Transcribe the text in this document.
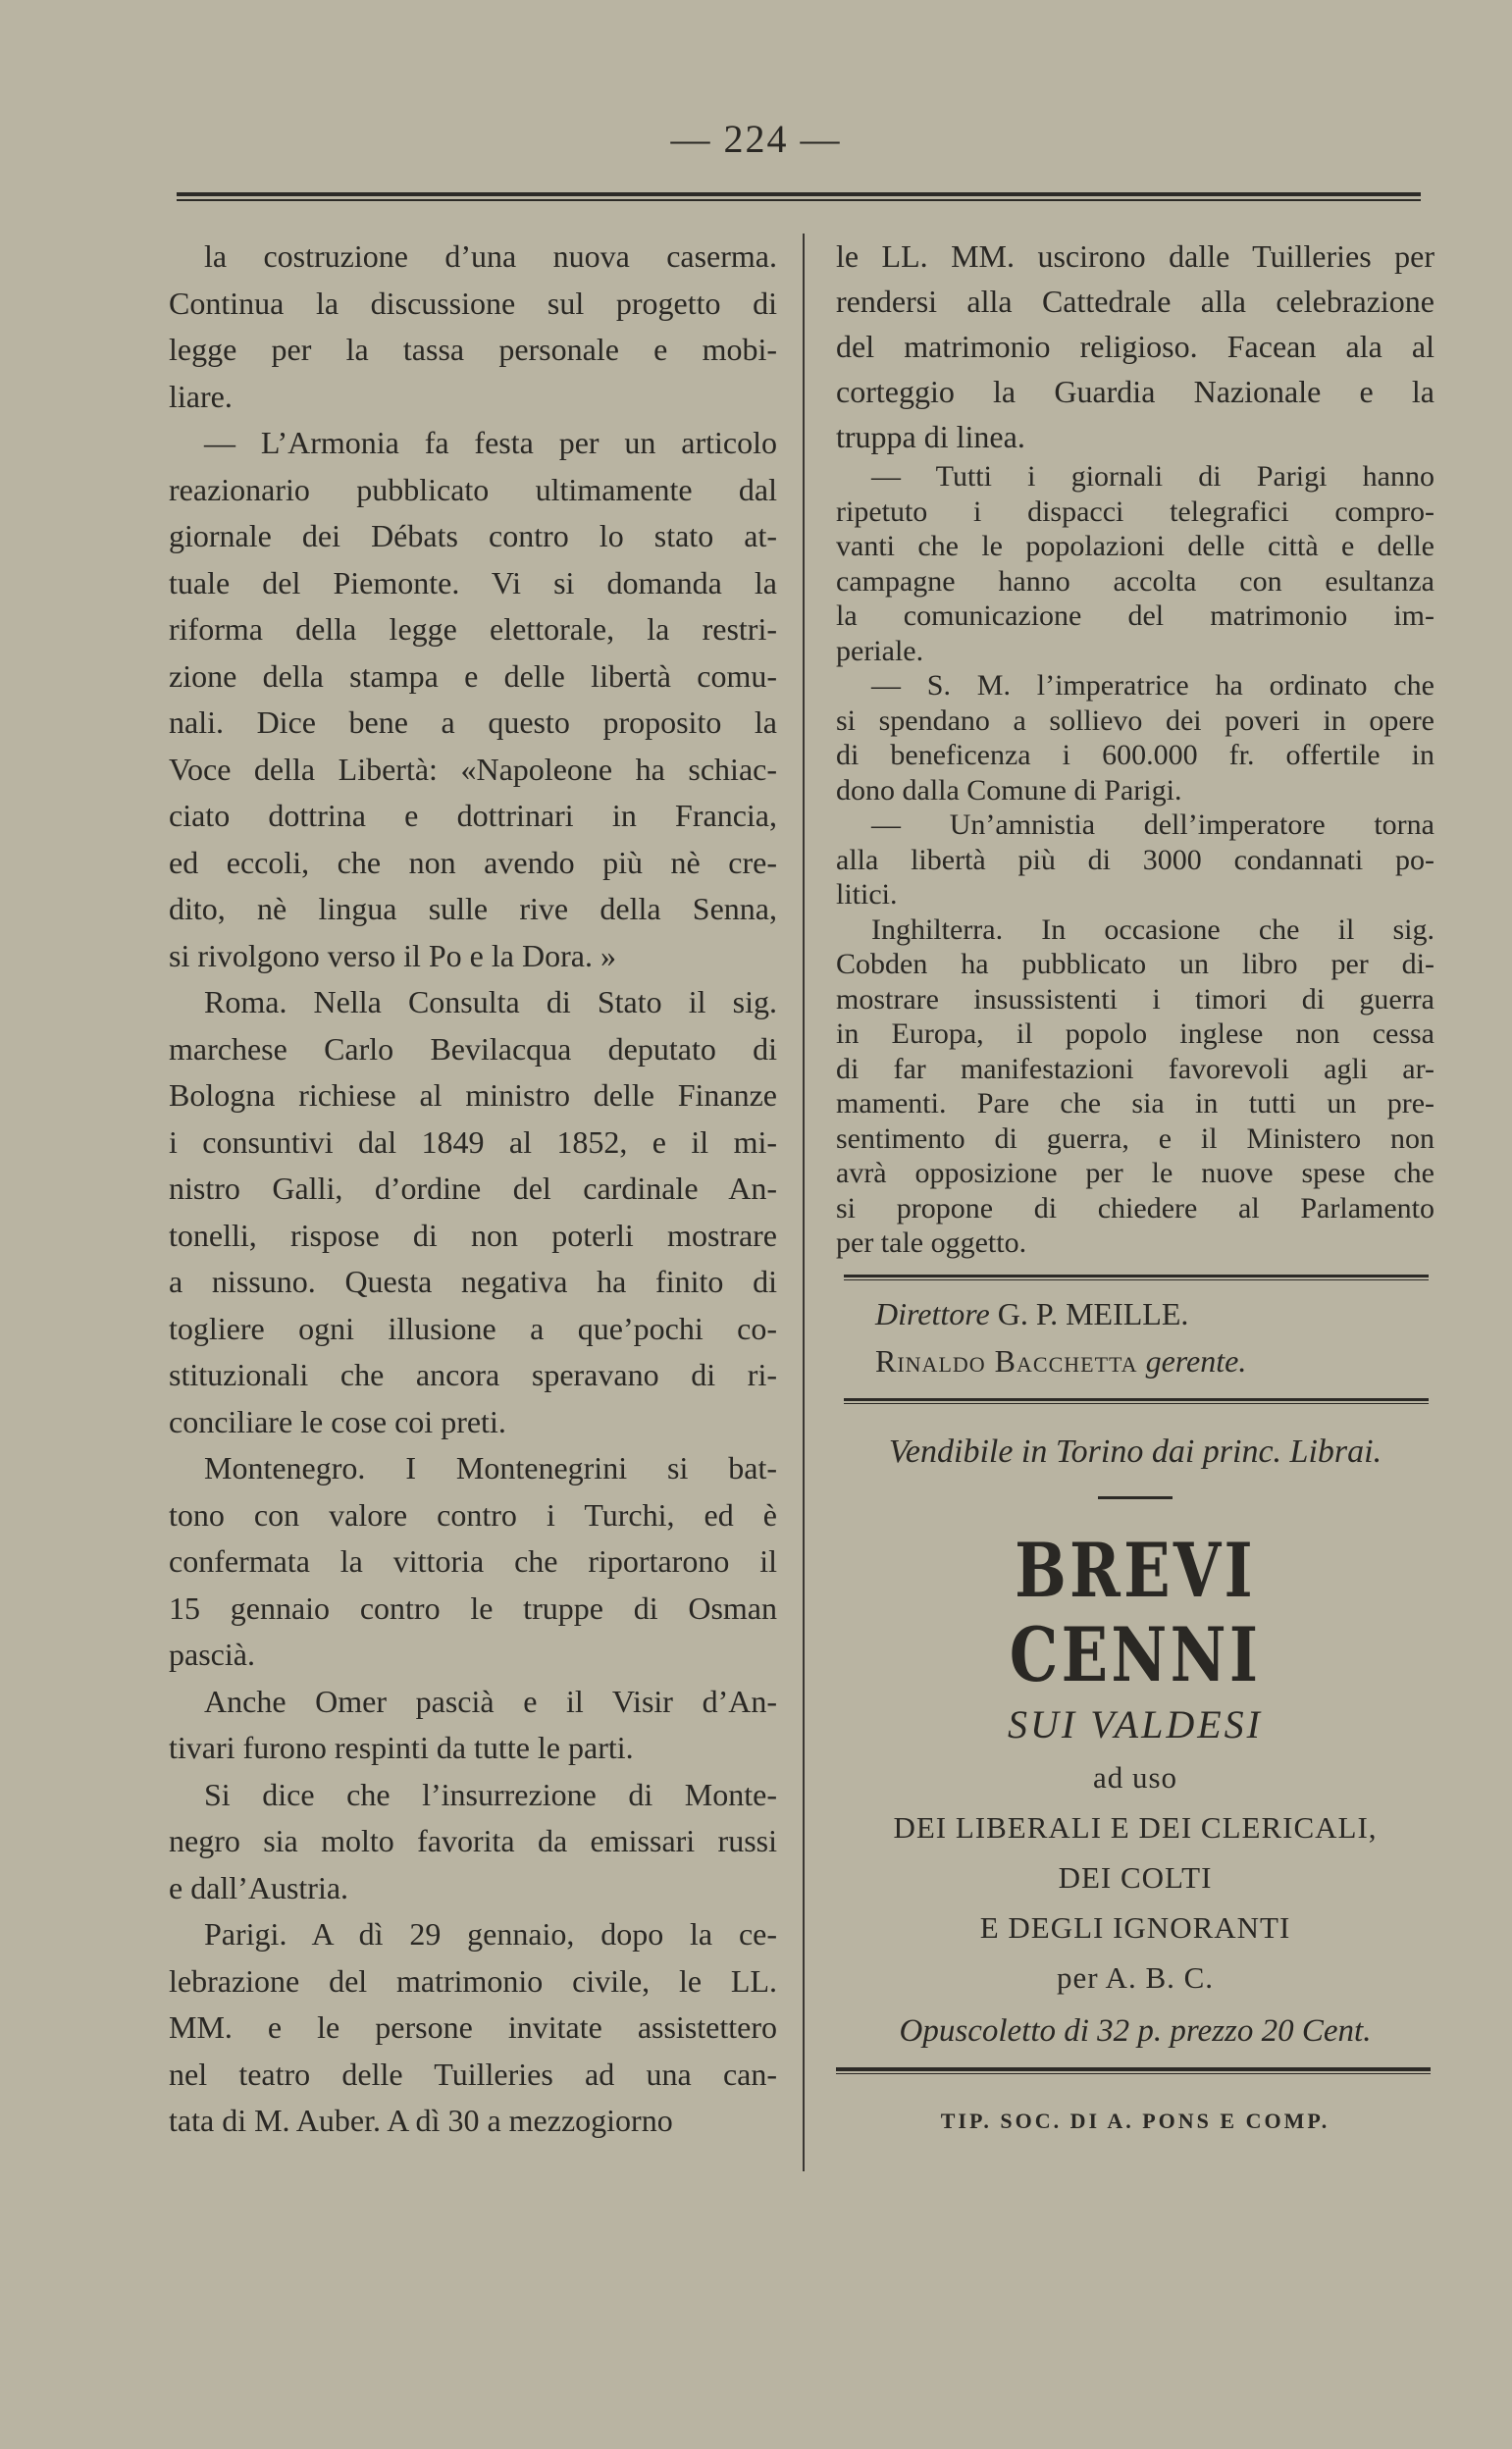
— 224 —

la costruzione d’una nuova caserma.
Continua la discussione sul progetto di
legge per la tassa personale e mobi-
liare.

— L’Armonia fa festa per un articolo
reazionario pubblicato ultimamente dal
giornale dei Débats contro lo stato at-
tuale del Piemonte. Vi si domanda la
riforma della legge elettorale, la restri-
zione della stampa e delle libertà comu-
nali. Dice bene a questo proposito la
Voce della Libertà: «Napoleone ha schiac-
ciato dottrina e dottrinari in Francia,
ed eccoli, che non avendo più nè cre-
dito, nè lingua sulle rive della Senna,
si rivolgono verso il Po e la Dora. »

Roma. Nella Consulta di Stato il sig.
marchese Carlo Bevilacqua deputato di
Bologna richiese al ministro delle Finanze
i consuntivi dal 1849 al 1852, e il mi-
nistro Galli, d’ordine del cardinale An-
tonelli, rispose di non poterli mostrare
a nissuno. Questa negativa ha finito di
togliere ogni illusione a que’pochi co-
stituzionali che ancora speravano di ri-
conciliare le cose coi preti.

Montenegro. I Montenegrini si bat-
tono con valore contro i Turchi, ed è
confermata la vittoria che riportarono il
15 gennaio contro le truppe di Osman
pascià.

Anche Omer pascià e il Visir d’An-
tivari furono respinti da tutte le parti.

Si dice che l’insurrezione di Monte-
negro sia molto favorita da emissari russi
e dall’Austria.

Parigi. A dì 29 gennaio, dopo la ce-
lebrazione del matrimonio civile, le LL.
MM. e le persone invitate assistettero
nel teatro delle Tuilleries ad una can-
tata di M. Auber. A dì 30 a mezzogiorno

le LL. MM. uscirono dalle Tuilleries per
rendersi alla Cattedrale alla celebrazione
del matrimonio religioso. Facean ala al
corteggio la Guardia Nazionale e la
truppa di linea.

— Tutti i giornali di Parigi hanno
ripetuto i dispacci telegrafici compro-
vanti che le popolazioni delle città e delle
campagne hanno accolta con esultanza
la comunicazione del matrimonio im-
periale.

— S. M. l’imperatrice ha ordinato che
si spendano a sollievo dei poveri in opere
di beneficenza i 600.000 fr. offertile in
dono dalla Comune di Parigi.

— Un’amnistia dell’imperatore torna
alla libertà più di 3000 condannati po-
litici.

Inghilterra. In occasione che il sig.
Cobden ha pubblicato un libro per di-
mostrare insussistenti i timori di guerra
in Europa, il popolo inglese non cessa
di far manifestazioni favorevoli agli ar-
mamenti. Pare che sia in tutti un pre-
sentimento di guerra, e il Ministero non
avrà opposizione per le nuove spese che
si propone di chiedere al Parlamento
per tale oggetto.

Direttore G. P. MEILLE.
Rinaldo Bacchetta gerente.
Vendibile in Torino dai princ. Librai.
BREVI CENNI
SUI VALDESI
ad uso
DEI LIBERALI E DEI CLERICALI,
DEI COLTI
E DEGLI IGNORANTI
per A. B. C.
Opuscoletto di 32 p. prezzo 20 Cent.
TIP. SOC. DI A. PONS E COMP.
